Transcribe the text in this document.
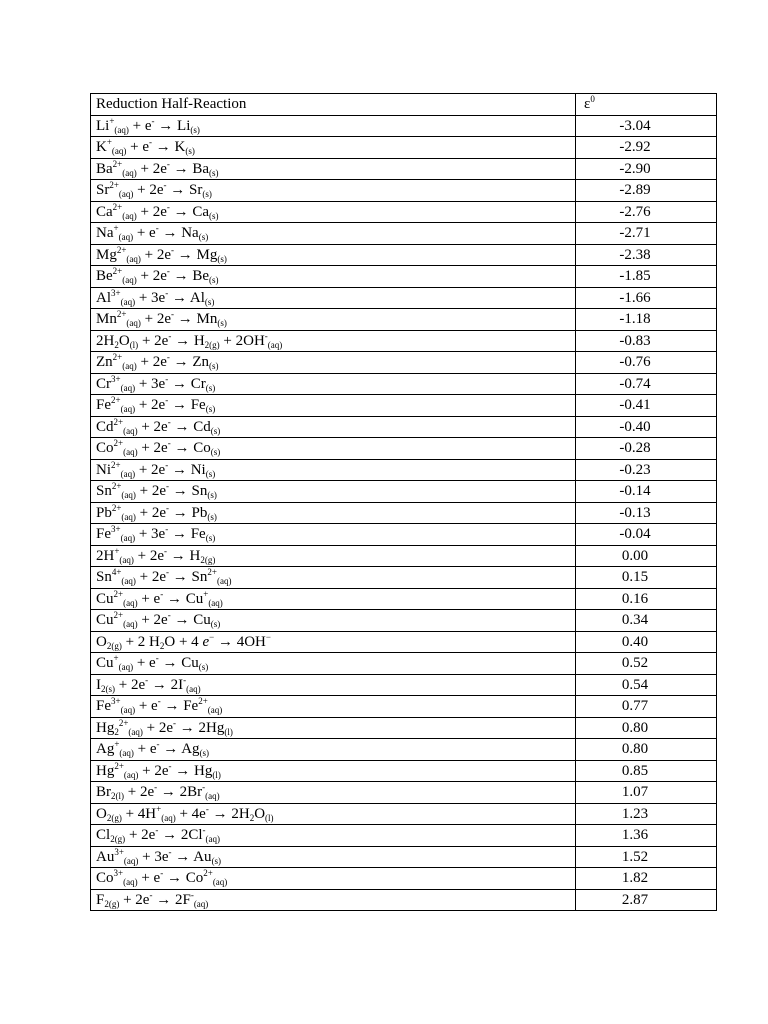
Reduction Half-Reaction	$\varepsilon^0$
$Li^+_{(aq)} + e^- \to Li_{(s)}$	-3.04
$K^+_{(aq)} + e^- \to K_{(s)}$	-2.92
$Ba^{2+}_{(aq)} + 2e^- \to Ba_{(s)}$	-2.90
$Sr^{2+}_{(aq)} + 2e^- \to Sr_{(s)}$	-2.89
$Ca^{2+}_{(aq)} + 2e^- \to Ca_{(s)}$	-2.76
$Na^+_{(aq)} + e^- \to Na_{(s)}$	-2.71
$Mg^{2+}_{(aq)} + 2e^- \to Mg_{(s)}$	-2.38
$Be^{2+}_{(aq)} + 2e^- \to Be_{(s)}$	-1.85
$Al^{3+}_{(aq)} + 3e^- \to Al_{(s)}$	-1.66
$Mn^{2+}_{(aq)} + 2e^- \to Mn_{(s)}$	-1.18
$2H_2O_{(l)} + 2e^- \to H_{2(g)} + 2OH^-_{(aq)}$	-0.83
$Zn^{2+}_{(aq)} + 2e^- \to Zn_{(s)}$	-0.76
$Cr^{3+}_{(aq)} + 3e^- \to Cr_{(s)}$	-0.74
$Fe^{2+}_{(aq)} + 2e^- \to Fe_{(s)}$	-0.41
$Cd^{2+}_{(aq)} + 2e^- \to Cd_{(s)}$	-0.40
$Co^{2+}_{(aq)} + 2e^- \to Co_{(s)}$	-0.28
$Ni^{2+}_{(aq)} + 2e^- \to Ni_{(s)}$	-0.23
$Sn^{2+}_{(aq)} + 2e^- \to Sn_{(s)}$	-0.14
$Pb^{2+}_{(aq)} + 2e^- \to Pb_{(s)}$	-0.13
$Fe^{3+}_{(aq)} + 3e^- \to Fe_{(s)}$	-0.04
$2H^+_{(aq)} + 2e^- \to H_{2(g)}$	0.00
$Sn^{4+}_{(aq)} + 2e^- \to Sn^{2+}_{(aq)}$	0.15
$Cu^{2+}_{(aq)} + e^- \to Cu^+_{(aq)}$	0.16
$Cu^{2+}_{(aq)} + 2e^- \to Cu_{(s)}$	0.34
$O_{2(g)} + 2$ $H_2O + 4$ e− → 4OH−	0.40
$Cu^+_{(aq)} + e^- \to Cu_{(s)}$	0.52
$I_{2(s)} + 2e^- \to 2I^-_{(aq)}$	0.54
$Fe^{3+}_{(aq)} + e^- \to Fe^{2+}_{(aq)}$	0.77
$Hg_2^{2+}_{(aq)} + 2e^- \to 2Hg_{(l)}$	0.80
$Ag^+_{(aq)} + e^- \to Ag_{(s)}$	0.80
$Hg^{2+}_{(aq)} + 2e^- \to Hg_{(l)}$	0.85
$Br_{2(l)} + 2e^- \to 2Br^-_{(aq)}$	1.07
$O_{2(g)} + 4H^+_{(aq)} + 4e^- \to 2H_2O_{(l)}$	1.23
$Cl_{2(g)} + 2e^- \to 2Cl^-_{(aq)}$	1.36
$Au^{3+}_{(aq)} + 3e^- \to Au_{(s)}$	1.52
$Co^{3+}_{(aq)} + e^- \to Co^{2+}_{(aq)}$	1.82
$F_{2(g)} + 2e^- \to 2F^-_{(aq)}$	2.87
